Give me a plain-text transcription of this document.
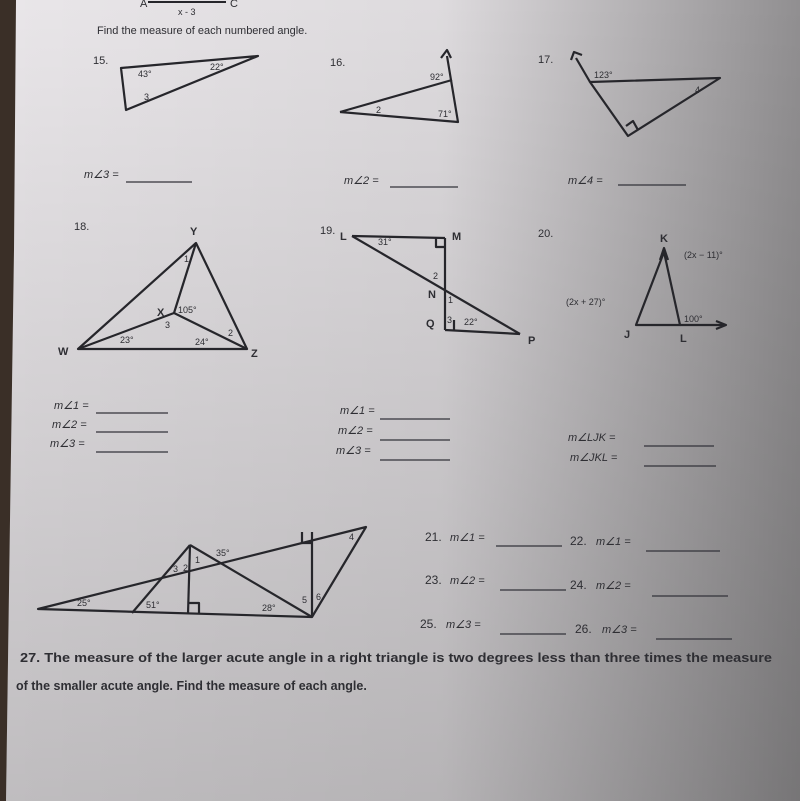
A	C
x - 3
Find the measure of each numbered angle.
15.
43°
22°
3
m∠3 =
16.
92°
2	71°
m∠2 =
17.
123°
4
m∠4 =
18.	Y
X
W	Z
1
105°
3
2
23°	24°
m∠1 =
m∠2 =
m∠3 =
19. L	M
N
Q
P
31°
2
1
3 22°
m∠1 =
m∠2 =
m∠3 =
20.	K
J	L
(2x − 11)°
(2x + 27)°
100°
m∠LJK =
m∠JKL =
35°
3 2
1
4
25°	51°	28°
5 6
21. m∠1 =	22. m∠1 =
23. m∠2 =	24. m∠2 =
25. m∠3 =	26. m∠3 =
27. The measure of the larger acute angle in a right triangle is two degrees less than three times the measure
of the smaller acute angle. Find the measure of each angle.
